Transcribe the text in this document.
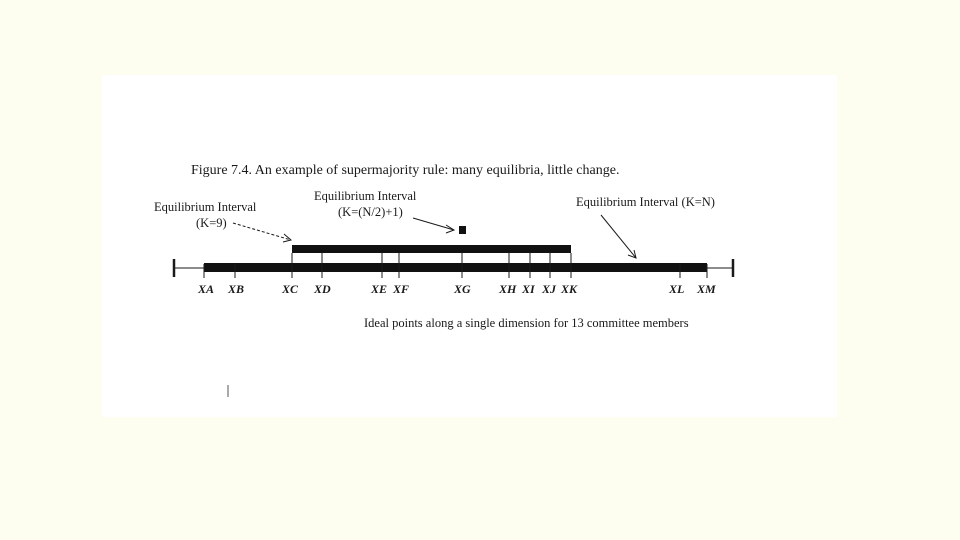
Figure 7.4. An example of supermajority rule: many equilibria, little change.
Equilibrium Interval
(K=9)
Equilibrium Interval
(K=(N/2)+1)
Equilibrium Interval (K=N)
XA XB	XC XD	XE XF	XG XH XI XJ XK	XL XM
Ideal points along a single dimension for 13 committee members
